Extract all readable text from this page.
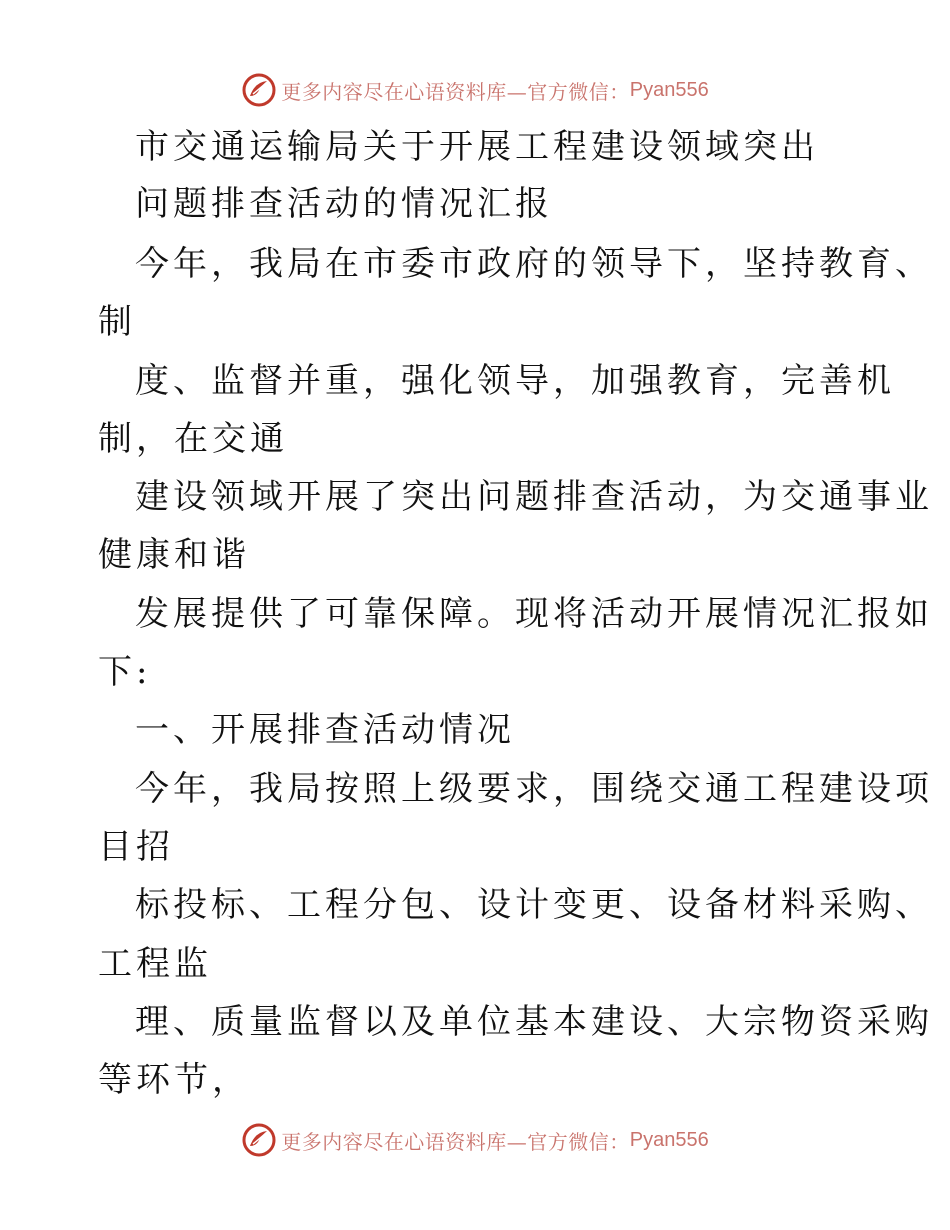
更多内容尽在心语资料库—官方微信： Pyan556
市交通运输局关于开展工程建设领域突出
问题排查活动的情况汇报
今年，我局在市委市政府的领导下，坚持教育、
制
度、监督并重，强化领导，加强教育，完善机
制，在交通
建设领域开展了突出问题排查活动，为交通事业
健康和谐
发展提供了可靠保障。现将活动开展情况汇报如
下:
一、开展排查活动情况
今年，我局按照上级要求，围绕交通工程建设项
目招
标投标、工程分包、设计变更、设备材料采购、
工程监
理、质量监督以及单位基本建设、大宗物资采购
等环节，
更多内容尽在心语资料库—官方微信： Pyan556
